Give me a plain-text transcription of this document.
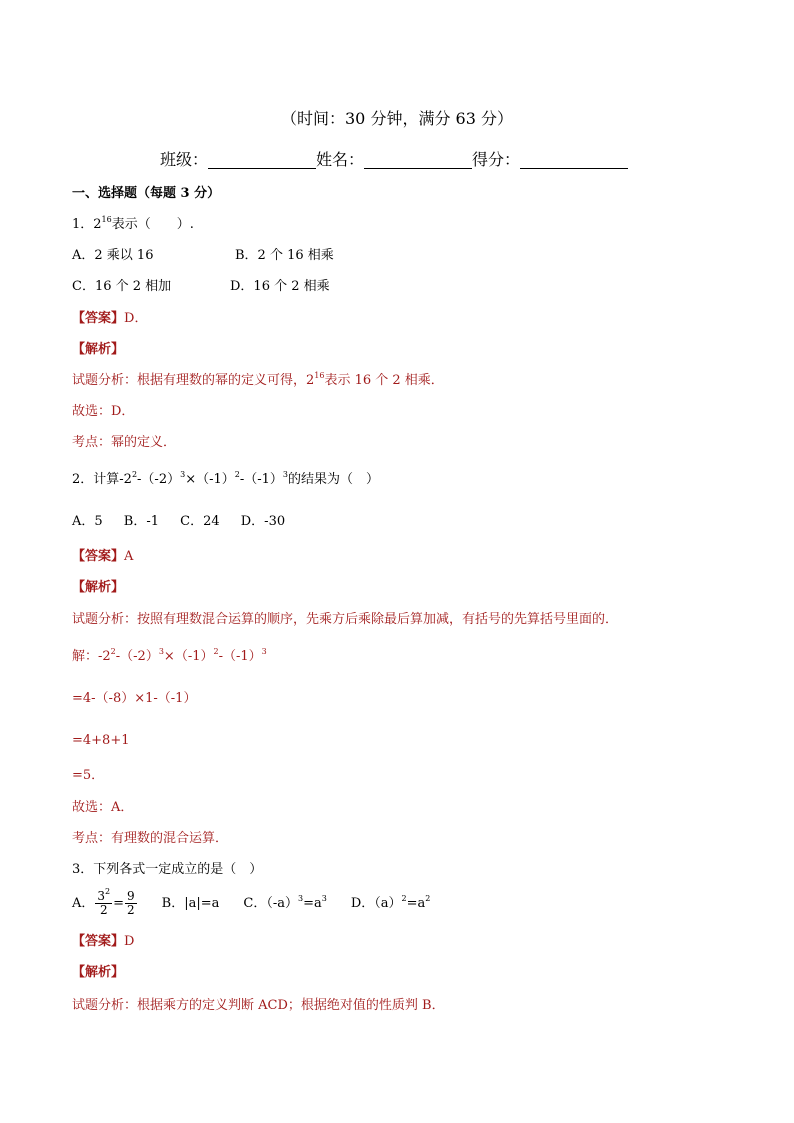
（时间：30 分钟，满分 63 分）
班级：	姓名：	得分：
一、选择题（每题 3 分）
1．$2^{16}$表示（　　）.
A．2 乘以 16	B．2 个 16 相乘
C．16 个 2 相加	D．16 个 2 相乘
【答案】D．
【解析】
试题分析：根据有理数的幂的定义可得，$2^{16}$表示 16 个 2 相乘．
故选：D．
考点：幂的定义．
2．计算$-2^2-(-2)^3\times(-1)^2-(-1)^3$的结果为（　）
A．5　 B．-1　 C．24　 D．-30
【答案】A
【解析】
试题分析：按照有理数混合运算的顺序，先乘方后乘除最后算加减，有括号的先算括号里面的．
解：$-2^2-(-2)^3\times(-1)^2-(-1)^3$
=4-（-8）×1-（-1）
=4+8+1
=5．
故选：A．
考点：有理数的混合运算．
3．下列各式一定成立的是（　）
A． $\frac{3^2}{2} = \frac{9}{2}$ B．|a|=a C．$(-a)^3=a^3$ D．$(a)^2=a^2$
【答案】D
【解析】
试题分析：根据乘方的定义判断 ACD；根据绝对值的性质判 B．
